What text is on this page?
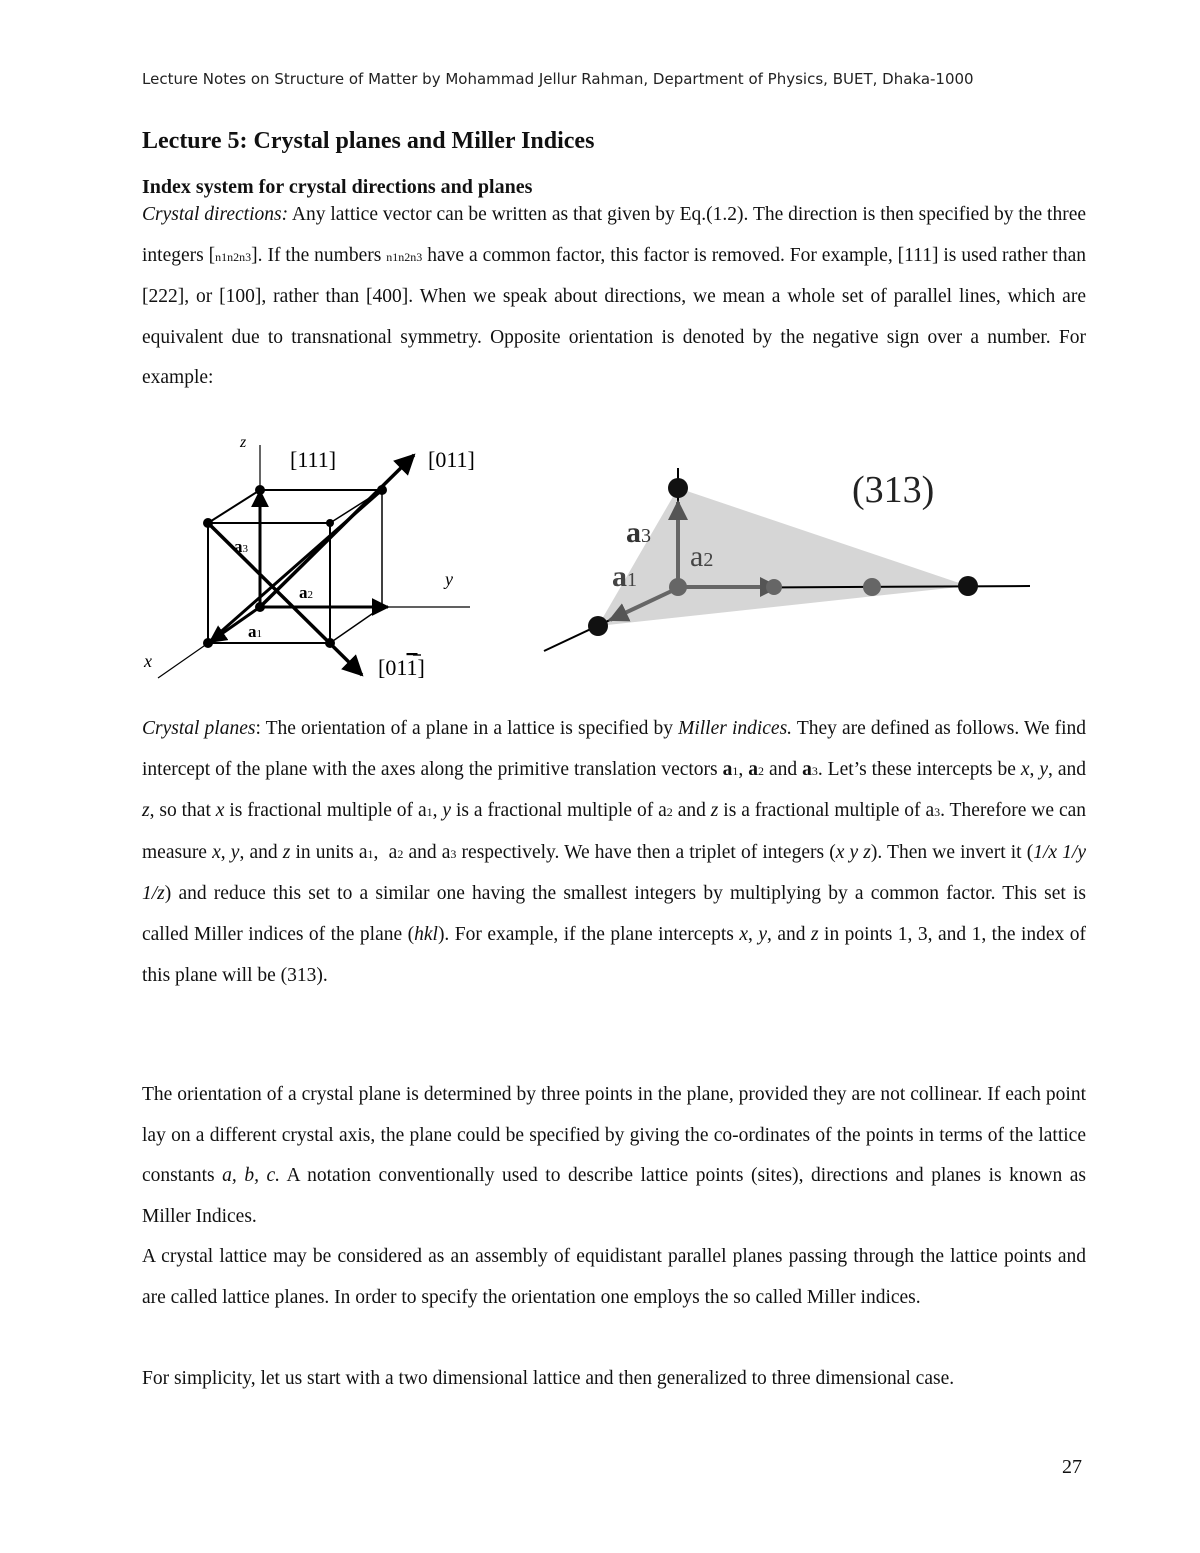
Lecture Notes on Structure of Matter by Mohammad Jellur Rahman, Department of Physics, BUET, Dhaka-1000
Lecture 5: Crystal planes and Miller Indices
Index system for crystal directions and planes
Crystal directions: Any lattice vector can be written as that given by Eq.(1.2). The direction is then specified by the three integers [n1n2n3]. If the numbers n1n2n3 have a common factor, this factor is removed. For example, [111] is used rather than [222], or [100], rather than [400]. When we speak about directions, we mean a whole set of parallel lines, which are equivalent due to transnational symmetry. Opposite orientation is denoted by the negative sign over a number. For example:
z
y
x
[111]	[011]
[011]
a1
a2
a3
(313)
a3
a2
a1
Crystal planes: The orientation of a plane in a lattice is specified by Miller indices. They are defined as follows. We find intercept of the plane with the axes along the primitive translation vectors a1, a2 and a3. Let’s these intercepts be x, y, and z, so that x is fractional multiple of a1, y is a fractional multiple of a2 and z is a fractional multiple of a3. Therefore we can measure x, y, and z in units a1,  a2 and a3 respectively. We have then a triplet of integers (x y z). Then we invert it (1/x 1/y 1/z) and reduce this set to a similar one having the smallest integers by multiplying by a common factor. This set is called Miller indices of the plane (hkl). For example, if the plane intercepts x, y, and z in points 1, 3, and 1, the index of this plane will be (313).
The orientation of a crystal plane is determined by three points in the plane, provided they are not collinear. If each point lay on a different crystal axis, the plane could be specified by giving the co-ordinates of the points in terms of the lattice constants a, b, c. A notation conventionally used to describe lattice points (sites), directions and planes is known as Miller Indices.
A crystal lattice may be considered as an assembly of equidistant parallel planes passing through the lattice points and are called lattice planes. In order to specify the orientation one employs the so called Miller indices.
For simplicity, let us start with a two dimensional lattice and then generalized to three dimensional case.
27
